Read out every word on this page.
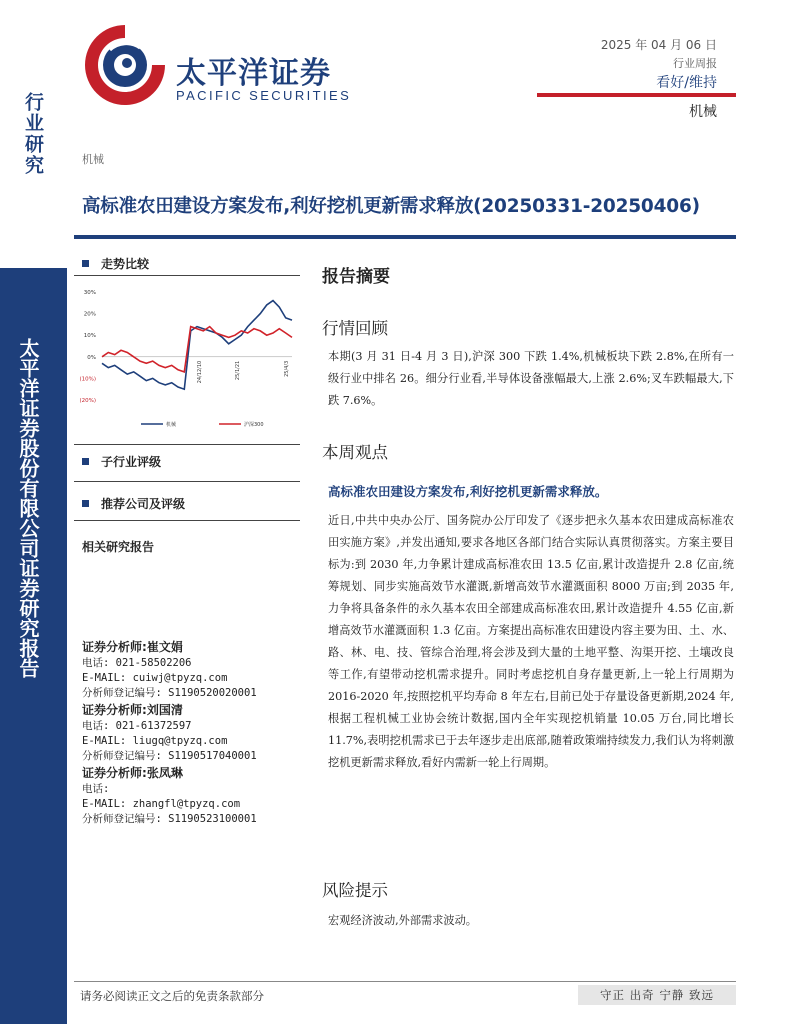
行业研究
太平洋证券股份有限公司证券研究报告
太平洋证券
PACIFIC SECURITIES
2025 年 04 月 06 日
行业周报
看好/维持
机械
机械
高标准农田建设方案发布,利好挖机更新需求释放(20250331-20250406)
走势比较
30%
20%
10%
0%
(10%)
(20%)
24/12/10	25/1/21	25/4/3
机械	沪深300
子行业评级
推荐公司及评级
相关研究报告
证券分析师:崔文娟
电话: 021-58502206
E-MAIL: cuiwj@tpyzq.com
分析师登记编号: S1190520020001
证券分析师:刘国清
电话: 021-61372597
E-MAIL: liugq@tpyzq.com
分析师登记编号: S1190517040001
证券分析师:张凤琳
电话:
E-MAIL: zhangfl@tpyzq.com
分析师登记编号: S1190523100001
报告摘要
行情回顾
本期(3 月 31 日-4 月 3 日),沪深 300 下跌 1.4%,机械板块下跌 2.8%,在所有一级行业中排名 26。细分行业看,半导体设备涨幅最大,上涨 2.6%;叉车跌幅最大,下跌 7.6%。
本周观点
高标准农田建设方案发布,利好挖机更新需求释放。
近日,中共中央办公厅、国务院办公厅印发了《逐步把永久基本农田建成高标准农田实施方案》,并发出通知,要求各地区各部门结合实际认真贯彻落实。方案主要目标为:到 2030 年,力争累计建成高标准农田 13.5 亿亩,累计改造提升 2.8 亿亩,统筹规划、同步实施高效节水灌溉,新增高效节水灌溉面积 8000 万亩;到 2035 年,力争将具备条件的永久基本农田全部建成高标准农田,累计改造提升 4.55 亿亩,新增高效节水灌溉面积 1.3 亿亩。方案提出高标准农田建设内容主要为田、土、水、路、林、电、技、管综合治理,将会涉及到大量的土地平整、沟渠开挖、土壤改良等工作,有望带动挖机需求提升。同时考虑挖机自身存量更新,上一轮上行周期为 2016-2020 年,按照挖机平均寿命 8 年左右,目前已处于存量设备更新期,2024 年,根据工程机械工业协会统计数据,国内全年实现挖机销量 10.05 万台,同比增长 11.7%,表明挖机需求已于去年逐步走出底部,随着政策端持续发力,我们认为将刺激挖机更新需求释放,看好内需新一轮上行周期。
风险提示
宏观经济波动,外部需求波动。
请务必阅读正文之后的免责条款部分	守正 出奇 宁静 致远
